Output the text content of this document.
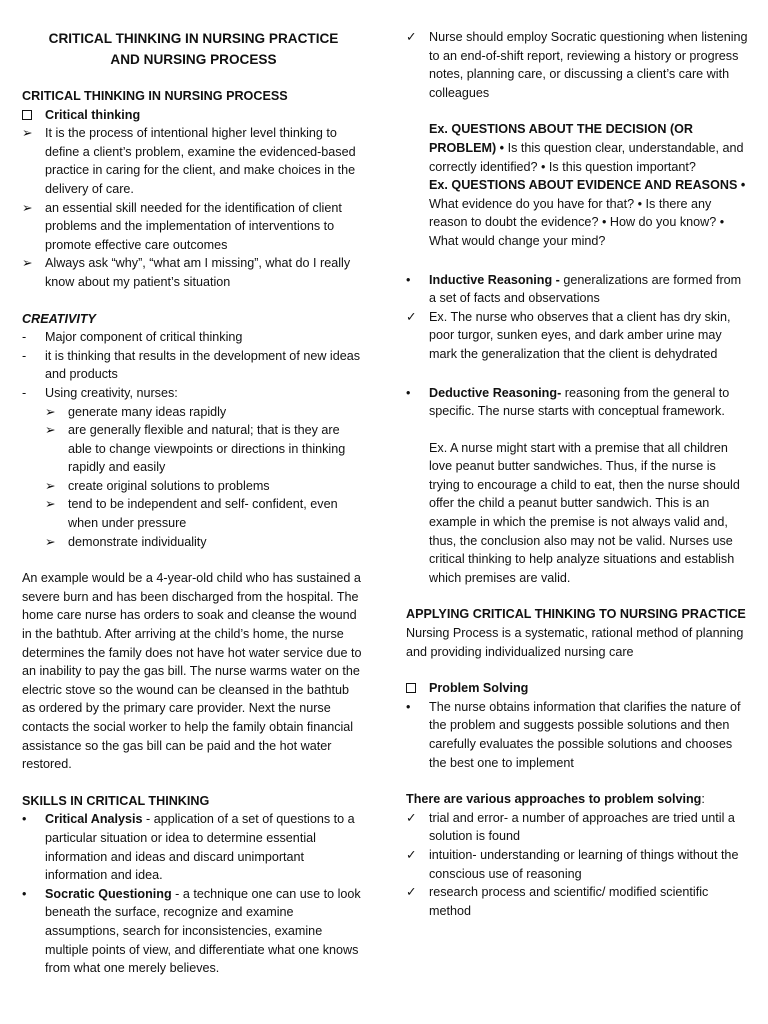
CRITICAL THINKING IN NURSING PRACTICE AND NURSING PROCESS

CRITICAL THINKING IN NURSING PROCESS

Critical thinking
➢ It is the process of intentional higher level thinking to define a client’s problem, examine the evidenced-based practice in caring for the client, and make choices in the delivery of care.
➢ an essential skill needed for the identification of client problems and the implementation of interventions to promote effective care outcomes
➢ Always ask “why”, “what am I missing”, what do I really know about my patient’s situation

CREATIVITY

-	Major component of critical thinking
-	it is thinking that results in the development of new ideas and products
-	Using creativity, nurses:
➢ generate many ideas rapidly
➢ are generally flexible and natural; that is they are able to change viewpoints or directions in thinking rapidly and easily
➢ create original solutions to problems
➢ tend to be independent and self- confident, even when under pressure
➢ demonstrate individuality

An example would be a 4-year-old child who has sustained a severe burn and has been discharged from the hospital. The home care nurse has orders to soak and cleanse the wound in the bathtub. After arriving at the child’s home, the nurse determines the family does not have hot water service due to an inability to pay the gas bill. The nurse warms water on the electric stove so the wound can be cleansed in the bathtub as ordered by the primary care provider. Next the nurse contacts the social worker to help the family obtain financial assistance so the gas bill can be paid and the hot water restored.

SKILLS IN CRITICAL THINKING

•	Critical Analysis - application of a set of questions to a particular situation or idea to determine essential information and ideas and discard unimportant information and idea.
•	Socratic Questioning - a technique one can use to look beneath the surface, recognize and examine assumptions, search for inconsistencies, examine multiple points of view, and differentiate what one knows from what one merely believes.
✓ Nurse should employ Socratic questioning when listening to an end-of-shift report, reviewing a history or progress notes, planning care, or discussing a client’s care with colleagues

Ex. QUESTIONS ABOUT THE DECISION (OR PROBLEM) • Is this question clear, understandable, and correctly identified? • Is this question important?

Ex. QUESTIONS ABOUT EVIDENCE AND REASONS • What evidence do you have for that? • Is there any reason to doubt the evidence? • How do you know? • What would change your mind?

•	Inductive Reasoning - generalizations are formed from a set of facts and observations
✓ Ex. The nurse who observes that a client has dry skin, poor turgor, sunken eyes, and dark amber urine may mark the generalization that the client is dehydrated
•	Deductive Reasoning- reasoning from the general to specific. The nurse starts with conceptual framework.

Ex. A nurse might start with a premise that all children love peanut butter sandwiches. Thus, if the nurse is trying to encourage a child to eat, then the nurse should offer the child a peanut butter sandwich. This is an example in which the premise is not always valid and, thus, the conclusion also may not be valid. Nurses use critical thinking to help analyze situations and establish which premises are valid.

APPLYING CRITICAL THINKING TO NURSING PRACTICE

Nursing Process is a systematic, rational method of planning and providing individualized nursing care

Problem Solving
•	The nurse obtains information that clarifies the nature of the problem and suggests possible solutions and then carefully evaluates the possible solutions and chooses the best one to implement

There are various approaches to problem solving:

✓ trial and error- a number of approaches are tried until a solution is found
✓ intuition- understanding or learning of things without the conscious use of reasoning
✓ research process and scientific/ modified scientific method
